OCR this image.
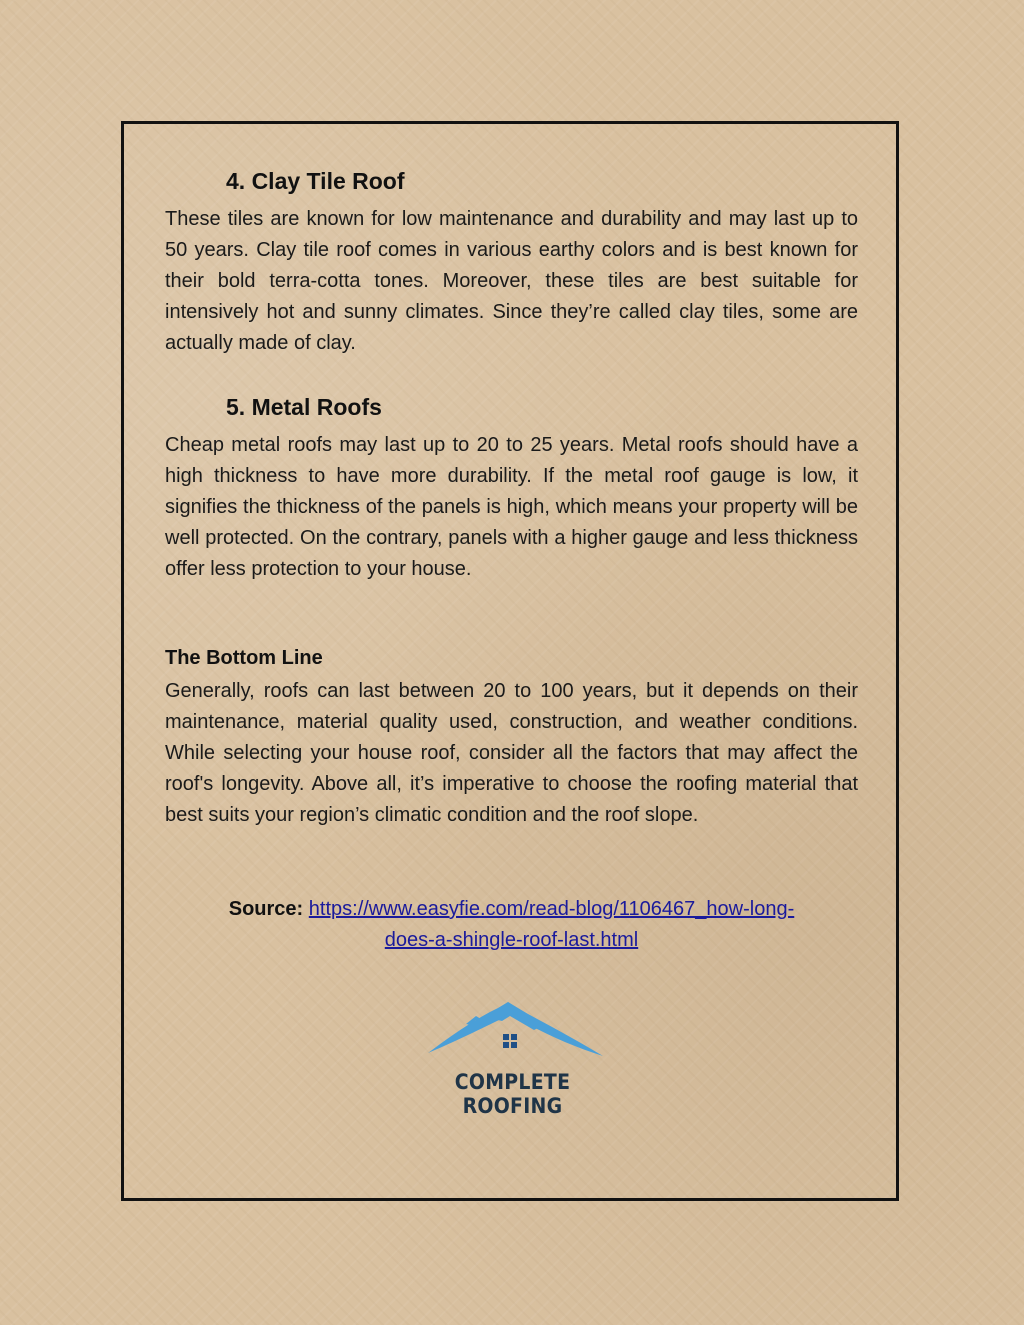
4. Clay Tile Roof

These tiles are known for low maintenance and durability and may last up to 50 years. Clay tile roof comes in various earthy colors and is best known for their bold terra-cotta tones. Moreover, these tiles are best suitable for intensively hot and sunny climates. Since they’re called clay tiles, some are actually made of clay.

5. Metal Roofs

Cheap metal roofs may last up to 20 to 25 years. Metal roofs should have a high thickness to have more durability. If the metal roof gauge is low, it signifies the thickness of the panels is high, which means your property will be well protected. On the contrary, panels with a higher gauge and less thickness offer less protection to your house.

The Bottom Line

Generally, roofs can last between 20 to 100 years, but it depends on their maintenance, material quality used, construction, and weather conditions. While selecting your house roof, consider all the factors that may affect the roof's longevity. Above all, it’s imperative to choose the roofing material that best suits your region’s climatic condition and the roof slope.

Source: https://www.easyfie.com/read-blog/1106467_how-long-
does-a-shingle-roof-last.html
COMPLETE ROOFING
